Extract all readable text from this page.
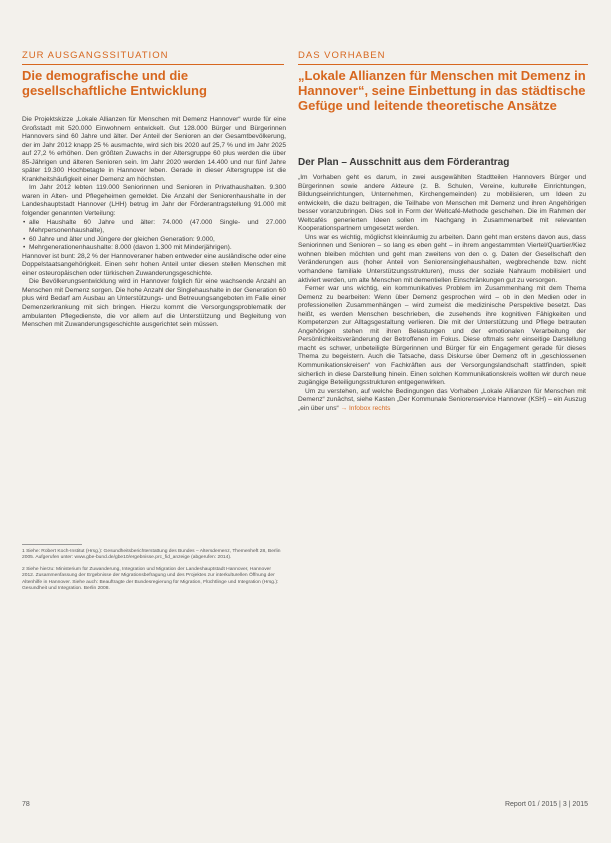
ZUR AUSGANGSSITUATION
Die demografische und die gesellschaftliche Entwicklung

Die Projektskizze „Lokale Allianzen für Menschen mit Demenz Hannover“ wurde für eine Großstadt mit 520.000 Einwohnern entwickelt. Gut 128.000 Bürger und Bürgerinnen Hannovers sind 60 Jahre und älter. Der Anteil der Senioren an der Gesamtbevölkerung, der im Jahr 2012 knapp 25 % ausmachte, wird sich bis 2020 auf 25,7 % und im Jahr 2025 auf 27,2 % erhöhen. Den größten Zuwachs in der Altersgruppe 60 plus werden die über 85-Jährigen und älteren Senioren sein. Im Jahr 2020 werden 14.400 und nur fünf Jahre später 19.300 Hochbetagte in Hannover leben. Gerade in dieser Altersgruppe ist die Krankheitshäufigkeit einer Demenz am höchsten.

Im Jahr 2012 lebten 119.000 Seniorinnen und Senioren in Privathaushalten. 9.300 waren in Alten- und Pflegeheimen gemeldet. Die Anzahl der Seniorenhaushalte in der Landeshauptstadt Hannover (LHH) betrug im Jahr der Förderantragstellung 91.000 mit folgender genannten Verteilung:

• alle Haushalte 60 Jahre und älter: 74.000 (47.000 Single- und 27.000 Mehrpersonenhaushalte),
• 60 Jahre und älter und Jüngere der gleichen Generation: 9.000,
• Mehrgenerationenhaushalte: 8.000 (davon 1.300 mit Minderjährigen).

Hannover ist bunt: 28,2 % der Hannoveraner haben entweder eine ausländische oder eine Doppelstaatsangehörigkeit. Einen sehr hohen Anteil unter diesen stellen Menschen mit einer osteuropäischen oder türkischen Zuwanderungsgeschichte.

Die Bevölkerungsentwicklung wird in Hannover folglich für eine wachsende Anzahl an Menschen mit Demenz sorgen. Die hohe Anzahl der Singlehaushalte in der Generation 60 plus wird Bedarf am Ausbau an Unterstützungs- und Betreuungsangeboten im Falle einer Demenzerkrankung mit sich bringen. Hierzu kommt die Versorgungsproblematik der ambulanten Pflegedienste, die vor allem auf die Unterstützung und Begleitung von Menschen mit Zuwanderungsgeschichte ausgerichtet sein müssen.

1 Siehe: Robert Koch-Institut (Hrsg.): Gesundheitsberichterstattung des Bundes – Altersdemenz, Themenheft 28, Berlin 2005. Aufgerufen unter: www.gbe-bund.de/gbe10/ergebnisse.prc_fid_anzeige (abgerufen: 2014).

2 Siehe hierzu: Ministerium für Zuwanderung, Integration und Migration der Landeshauptstadt Hannover, Hannover 2012. Zusammenfassung der Ergebnisse der Migrationsbefragung und des Projektes zur interkulturellen Öffnung der Altenhilfe in Hannover. Siehe auch: Beauftragte der Bundesregierung für Migration, Flüchtlinge und Integration (Hrsg.): Gesundheit und Integration. Berlin 2008.

78
DAS VORHABEN
„Lokale Allianzen für Menschen mit Demenz in Hannover“, seine Einbettung in das städtische Gefüge und leitende theoretische Ansätze
Der Plan – Ausschnitt aus dem Förderantrag

„Im Vorhaben geht es darum, in zwei ausgewählten Stadtteilen Hannovers Bürger und Bürgerinnen sowie andere Akteure (z. B. Schulen, Vereine, kulturelle Einrichtungen, Bildungseinrichtungen, Unternehmen, Kirchengemeinden) zu mobilisieren, um Ideen zu entwickeln, die dazu beitragen, die Teilhabe von Menschen mit Demenz und ihren Angehörigen besser voranzubringen. Dies soll in Form der Weltcafé-Methode geschehen. Die im Rahmen der Weltcafés generierten Ideen sollen im Nachgang in Zusammenarbeit mit relevanten Kooperationspartnern umgesetzt werden.

Uns war es wichtig, möglichst kleinräumig zu arbeiten. Dann geht man erstens davon aus, dass Seniorinnen und Senioren – so lang es eben geht – in ihrem angestammten Viertel/Quartier/Kiez wohnen bleiben möchten und geht man zweitens von den o. g. Daten der Gesellschaft den Veränderungen aus (hoher Anteil von Seniorensinglehaushalten, wegbrechende bzw. nicht vorhandene familiale Unterstützungsstrukturen), muss der soziale Nahraum mobilisiert und aktiviert werden, um alte Menschen mit dementiellen Einschränkungen gut zu versorgen.

Ferner war uns wichtig, ein kommunikatives Problem im Zusammenhang mit dem Thema Demenz zu bearbeiten: Wenn über Demenz gesprochen wird – ob in den Medien oder in professionellen Zusammenhängen – wird zumeist die medizinische Perspektive besetzt. Das heißt, es werden Menschen beschrieben, die zusehends ihre kognitiven Fähigkeiten und Kompetenzen zur Alltagsgestaltung verlieren. Die mit der Unterstützung und Pflege betrauten Angehörigen stehen mit ihren Belastungen und der emotionalen Verarbeitung der Persönlichkeitsveränderung der Betroffenen im Fokus. Diese oftmals sehr einseitige Darstellung macht es schwer, unbeteiligte Bürgerinnen und Bürger für ein Engagement gerade für dieses Thema zu begeistern. Auch die Tatsache, dass Diskurse über Demenz oft in „geschlossenen Kommunikationskreisen“ von Fachkräften aus der Versorgungslandschaft stattfinden, spielt sicherlich in diese Darstellung hinein. Einen solchen Kommunikationskreis wollten wir durch neue zugängige Beteiligungsstrukturen entgegenwirken.

Um zu verstehen, auf welche Bedingungen das Vorhaben „Lokale Allianzen für Menschen mit Demenz“ zunächst, siehe Kasten „Der Kommunale Seniorenservice Hannover (KSH) – ein Auszug „ein über uns“ → Infobox rechts

Report 01 / 2015 | 3 | 2015
